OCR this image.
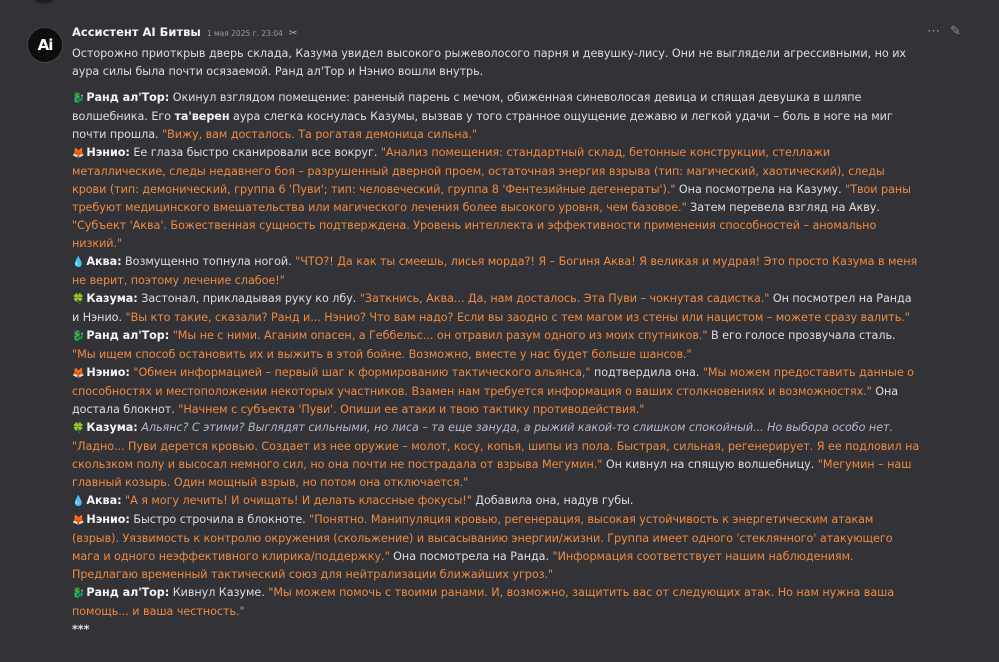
Ai
Ассистент AI Битвы 1 мая 2025 г. 23:04 ✂	⋯ ✎

Осторожно приоткрыв дверь склада, Казума увидел высокого рыжеволосого парня и девушку-лису. Они не выглядели агрессивными, но их аура силы была почти осязаемой. Ранд ал'Тор и Нэнио вошли внутрь.

🐉 Ранд ал'Тор: Окинул взглядом помещение: раненый парень с мечом, обиженная синеволосая девица и спящая девушка в шляпе волшебника. Его та'верен аура слегка коснулась Казумы, вызвав у того странное ощущение дежавю и легкой удачи – боль в ноге на миг почти прошла. "Вижу, вам досталось. Та рогатая демоница сильна."

🦊 Нэнио: Ее глаза быстро сканировали все вокруг. "Анализ помещения: стандартный склад, бетонные конструкции, стеллажи металлические, следы недавнего боя – разрушенный дверной проем, остаточная энергия взрыва (тип: магический, хаотический), следы крови (тип: демонический, группа 6 'Пуви'; тип: человеческий, группа 8 'Фентезийные дегенераты')." Она посмотрела на Казуму. "Твои раны требуют медицинского вмешательства или магического лечения более высокого уровня, чем базовое." Затем перевела взгляд на Акву. "Субъект 'Аква'. Божественная сущность подтверждена. Уровень интеллекта и эффективности применения способностей – аномально низкий."

💧 Аква: Возмущенно топнула ногой. "ЧТО?! Да как ты смеешь, лисья морда?! Я – Богиня Аква! Я великая и мудрая! Это просто Казума в меня не верит, поэтому лечение слабое!"

🍀 Казума: Застонал, прикладывая руку ко лбу. "Заткнись, Аква... Да, нам досталось. Эта Пуви – чокнутая садистка." Он посмотрел на Ранда и Нэнио. "Вы кто такие, сказали? Ранд и... Нэнио? Что вам надо? Если вы заодно с тем магом из стены или нацистом – можете сразу валить."

🐉 Ранд ал'Тор: "Мы не с ними. Аганим опасен, а Геббельс... он отравил разум одного из моих спутников." В его голосе прозвучала сталь. "Мы ищем способ остановить их и выжить в этой бойне. Возможно, вместе у нас будет больше шансов."

🦊 Нэнио: "Обмен информацией – первый шаг к формированию тактического альянса," подтвердила она. "Мы можем предоставить данные о способностях и местоположении некоторых участников. Взамен нам требуется информация о ваших столкновениях и возможностях." Она достала блокнот. "Начнем с субъекта 'Пуви'. Опиши ее атаки и твою тактику противодействия."

🍀 Казума: Альянс? С этими? Выглядят сильными, но лиса – та еще зануда, а рыжий какой-то слишком спокойный... Но выбора особо нет.
"Ладно... Пуви дерется кровью. Создает из нее оружие – молот, косу, копья, шипы из пола. Быстрая, сильная, регенерирует. Я ее подловил на скользком полу и высосал немного сил, но она почти не пострадала от взрыва Мегумин." Он кивнул на спящую волшебницу. "Мегумин – наш главный козырь. Один мощный взрыв, но потом она отключается."

💧 Аква: "А я могу лечить! И очищать! И делать классные фокусы!" Добавила она, надув губы.

🦊 Нэнио: Быстро строчила в блокноте. "Понятно. Манипуляция кровью, регенерация, высокая устойчивость к энергетическим атакам (взрыв). Уязвимость к контролю окружения (скольжение) и высасыванию энергии/жизни. Группа имеет одного 'стеклянного' атакующего мага и одного неэффективного клирика/поддержку." Она посмотрела на Ранда. "Информация соответствует нашим наблюдениям. Предлагаю временный тактический союз для нейтрализации ближайших угроз."

🐉 Ранд ал'Тор: Кивнул Казуме. "Мы можем помочь с твоими ранами. И, возможно, защитить вас от следующих атак. Но нам нужна ваша помощь... и ваша честность."

***
